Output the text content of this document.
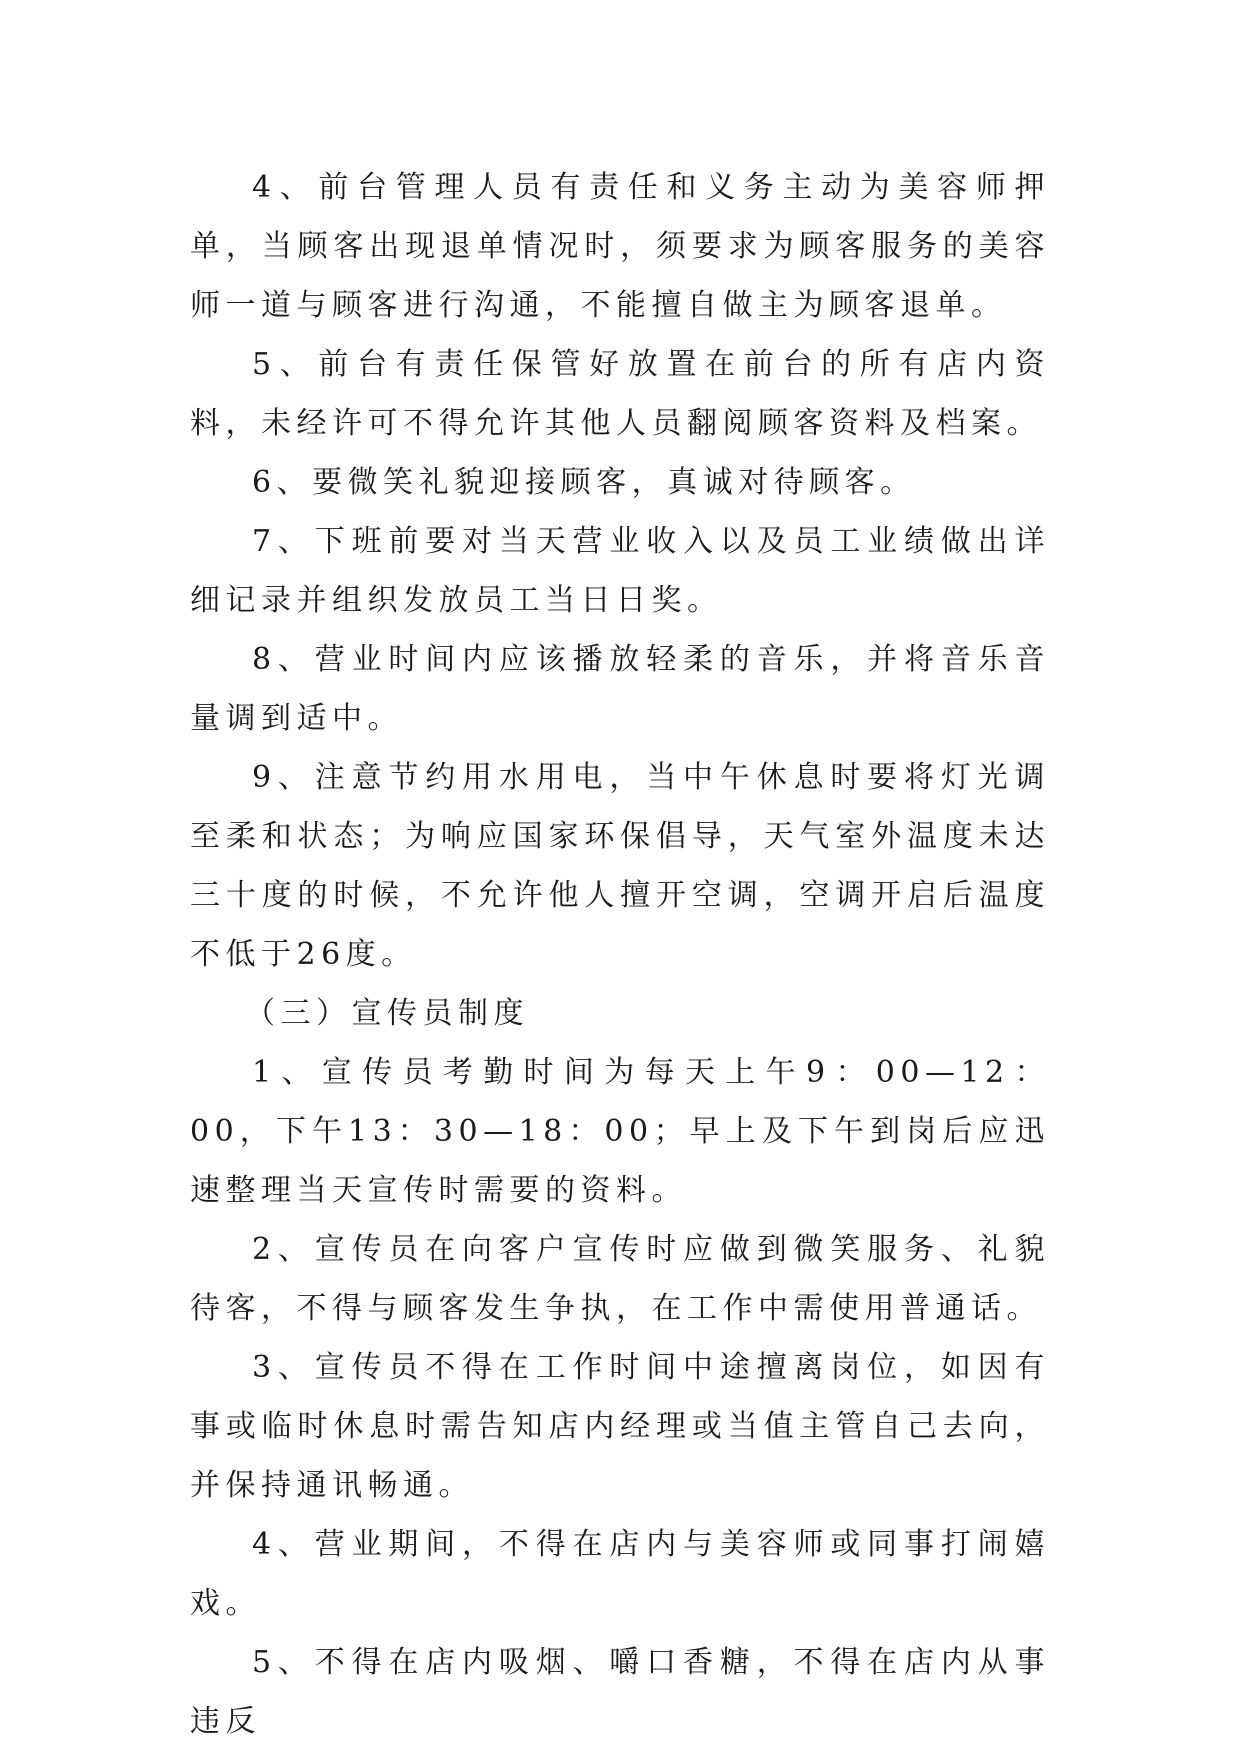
4、前台管理人员有责任和义务主动为美容师押单，当顾客出现退单情况时，须要求为顾客服务的美容师一道与顾客进行沟通，不能擅自做主为顾客退单。

5、前台有责任保管好放置在前台的所有店内资料，未经许可不得允许其他人员翻阅顾客资料及档案。

6、要微笑礼貌迎接顾客，真诚对待顾客。

7、下班前要对当天营业收入以及员工业绩做出详细记录并组织发放员工当日日奖。

8、营业时间内应该播放轻柔的音乐，并将音乐音量调到适中。

9、注意节约用水用电，当中午休息时要将灯光调至柔和状态；为响应国家环保倡导，天气室外温度未达三十度的时候，不允许他人擅开空调，空调开启后温度不低于26度。

（三）宣传员制度

1、宣传员考勤时间为每天上午9：00—12：00，下午13：30—18：00；早上及下午到岗后应迅速整理当天宣传时需要的资料。

2、宣传员在向客户宣传时应做到微笑服务、礼貌待客，不得与顾客发生争执，在工作中需使用普通话。

3、宣传员不得在工作时间中途擅离岗位，如因有事或临时休息时需告知店内经理或当值主管自己去向，并保持通讯畅通。

4、营业期间，不得在店内与美容师或同事打闹嬉戏。

5、不得在店内吸烟、嚼口香糖，不得在店内从事违反
